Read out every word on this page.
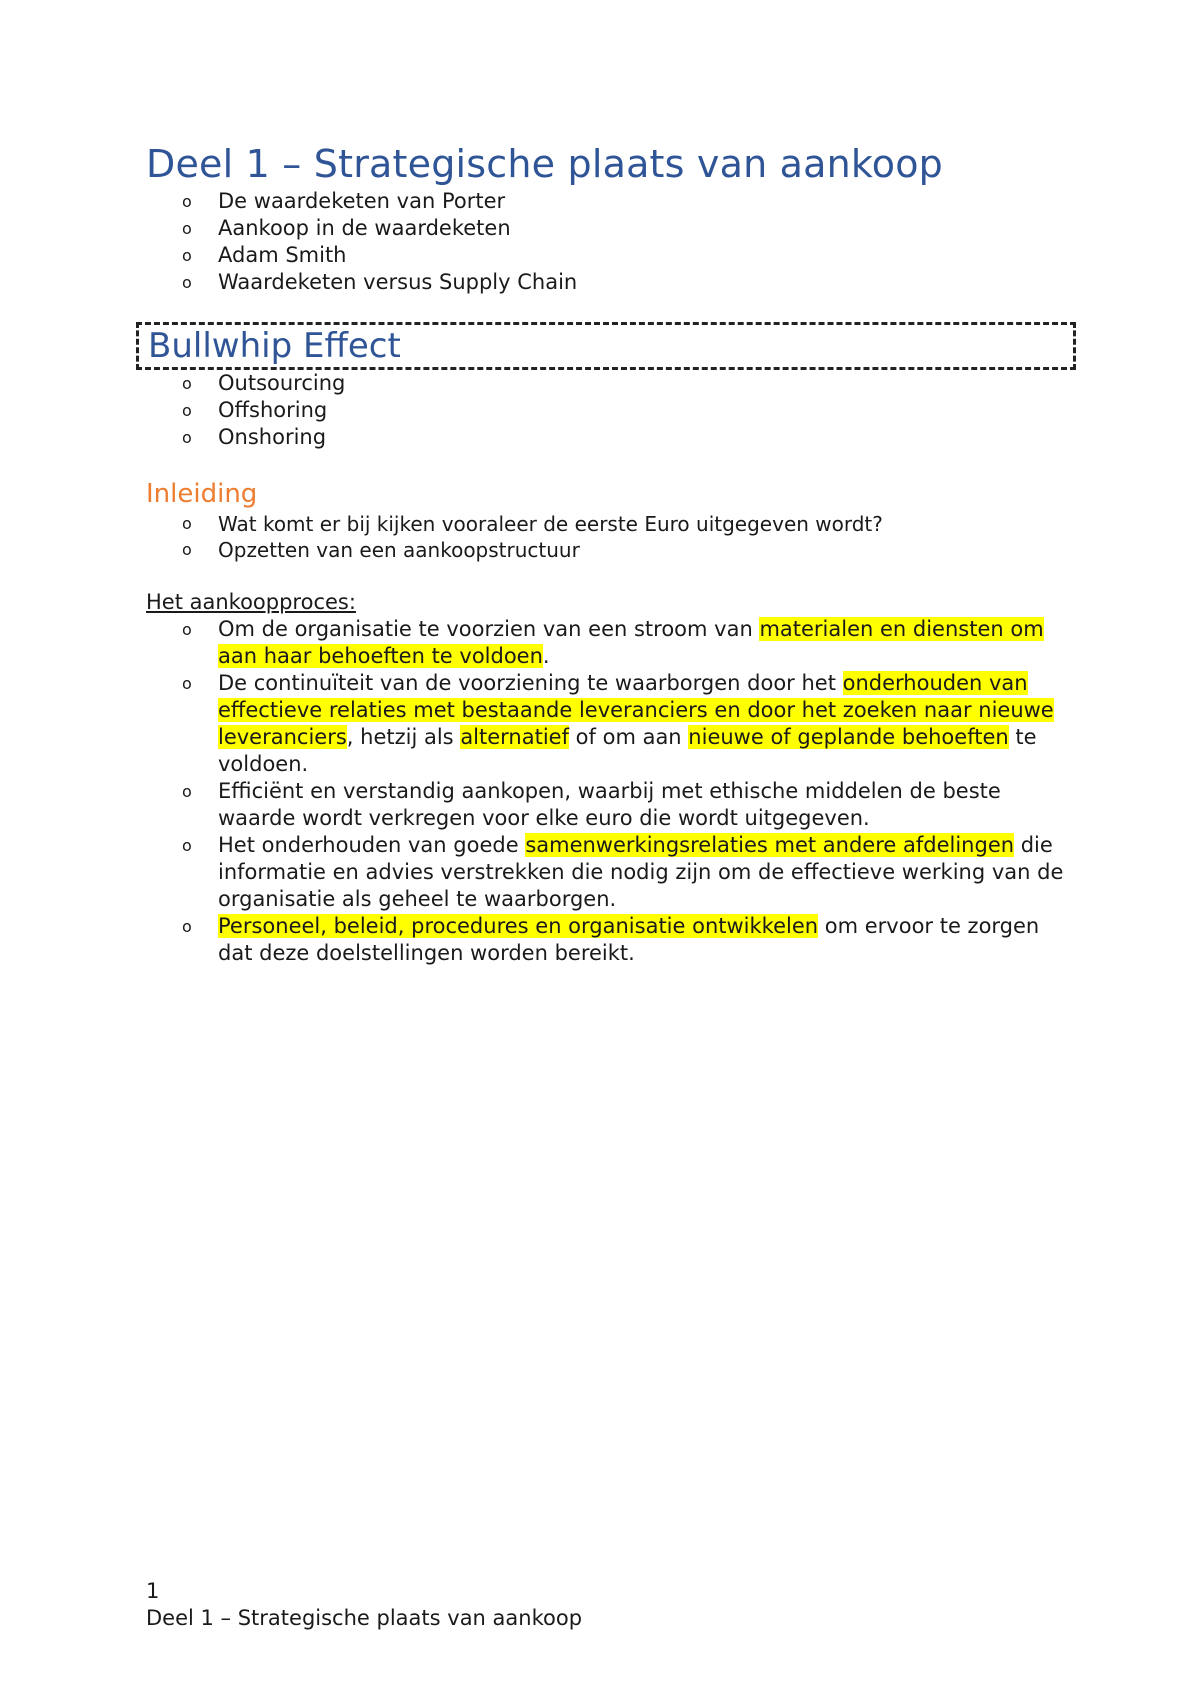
Deel 1 – Strategische plaats van aankoop
o De waardeketen van Porter
o Aankoop in de waardeketen
o Adam Smith
o Waardeketen versus Supply Chain
Bullwhip Effect
o Outsourcing
o Offshoring
o Onshoring
Inleiding
o Wat komt er bij kijken vooraleer de eerste Euro uitgegeven wordt?
o Opzetten van een aankoopstructuur
Het aankoopproces:
o Om de organisatie te voorzien van een stroom van materialen en diensten om aan haar behoeften te voldoen.
o De continuïteit van de voorziening te waarborgen door het onderhouden van effectieve relaties met bestaande leveranciers en door het zoeken naar nieuwe leveranciers, hetzij als alternatief of om aan nieuwe of geplande behoeften te voldoen.
o Efficiënt en verstandig aankopen, waarbij met ethische middelen de beste waarde wordt verkregen voor elke euro die wordt uitgegeven.
o Het onderhouden van goede samenwerkingsrelaties met andere afdelingen die informatie en advies verstrekken die nodig zijn om de effectieve werking van de organisatie als geheel te waarborgen.
o Personeel, beleid, procedures en organisatie ontwikkelen om ervoor te zorgen dat deze doelstellingen worden bereikt.
1
Deel 1 – Strategische plaats van aankoop
